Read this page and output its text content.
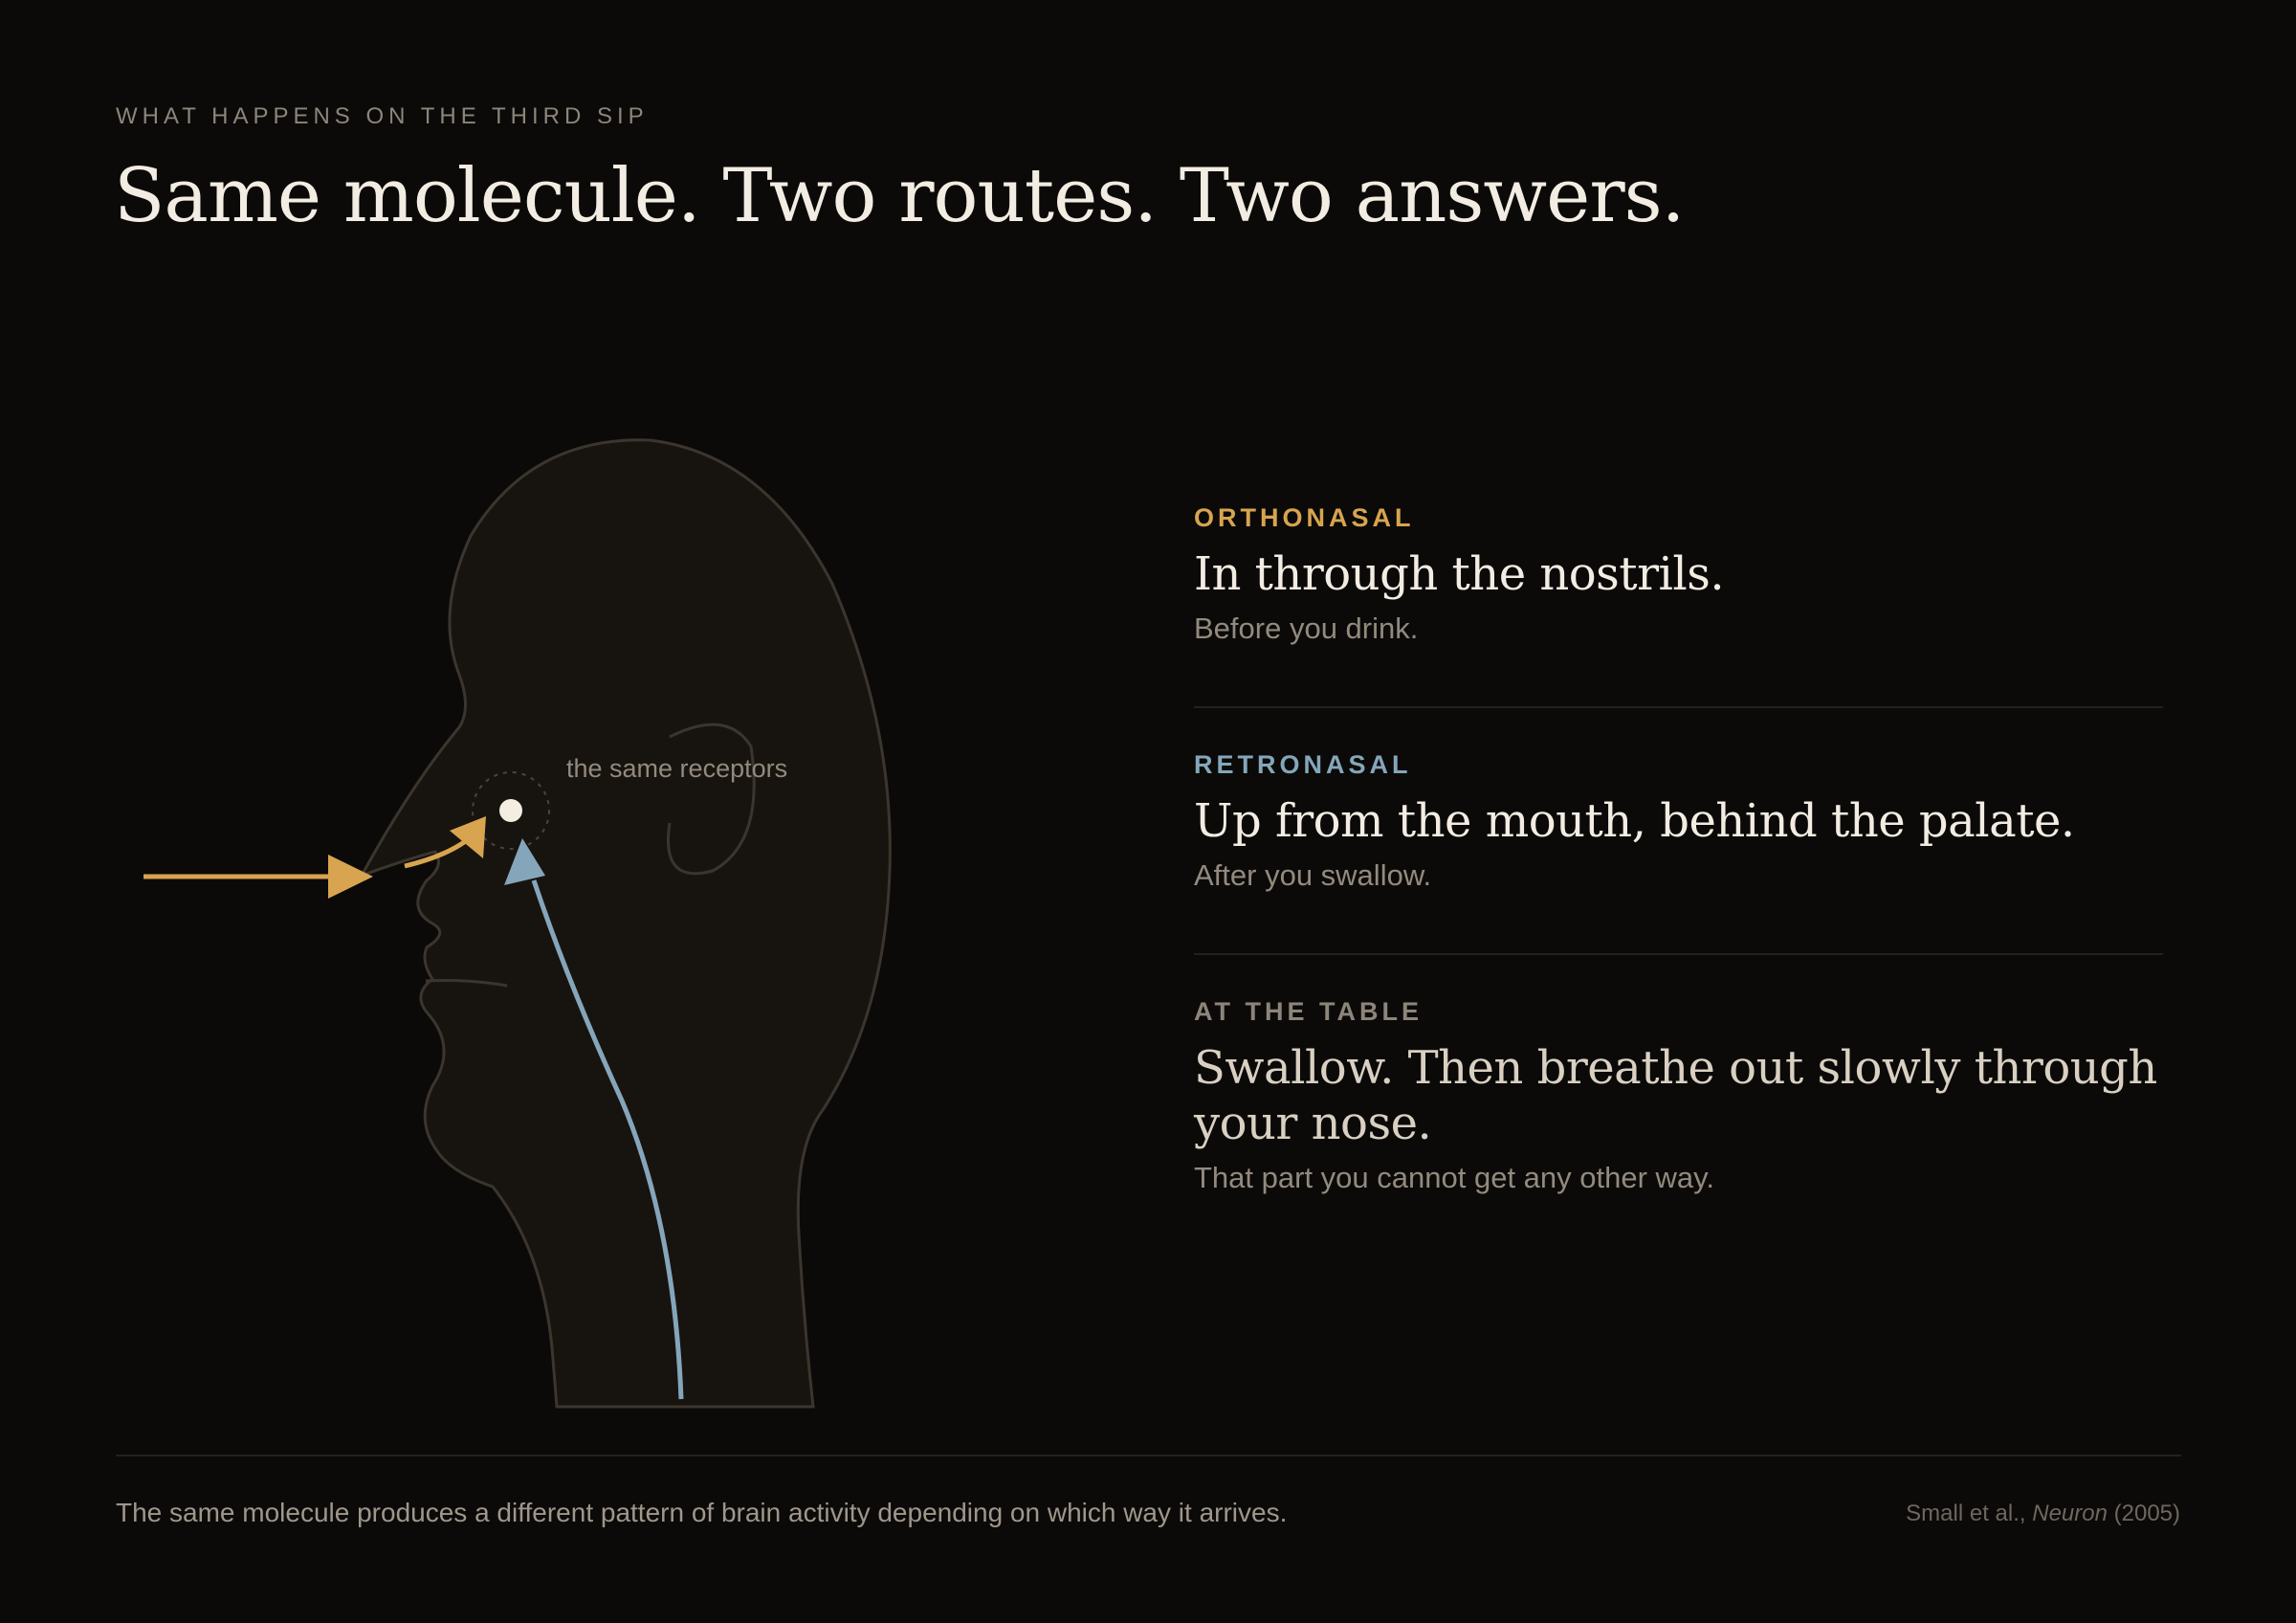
WHAT HAPPENS ON THE THIRD SIP
Same molecule. Two routes. Two answers.
the same receptors
ORTHONASAL
In through the nostrils.
Before you drink.
RETRONASAL
Up from the mouth, behind the palate.
After you swallow.
AT THE TABLE
Swallow. Then breathe out slowly through your nose.
That part you cannot get any other way.
The same molecule produces a different pattern of brain activity depending on which way it arrives.	Small et al., Neuron (2005)
